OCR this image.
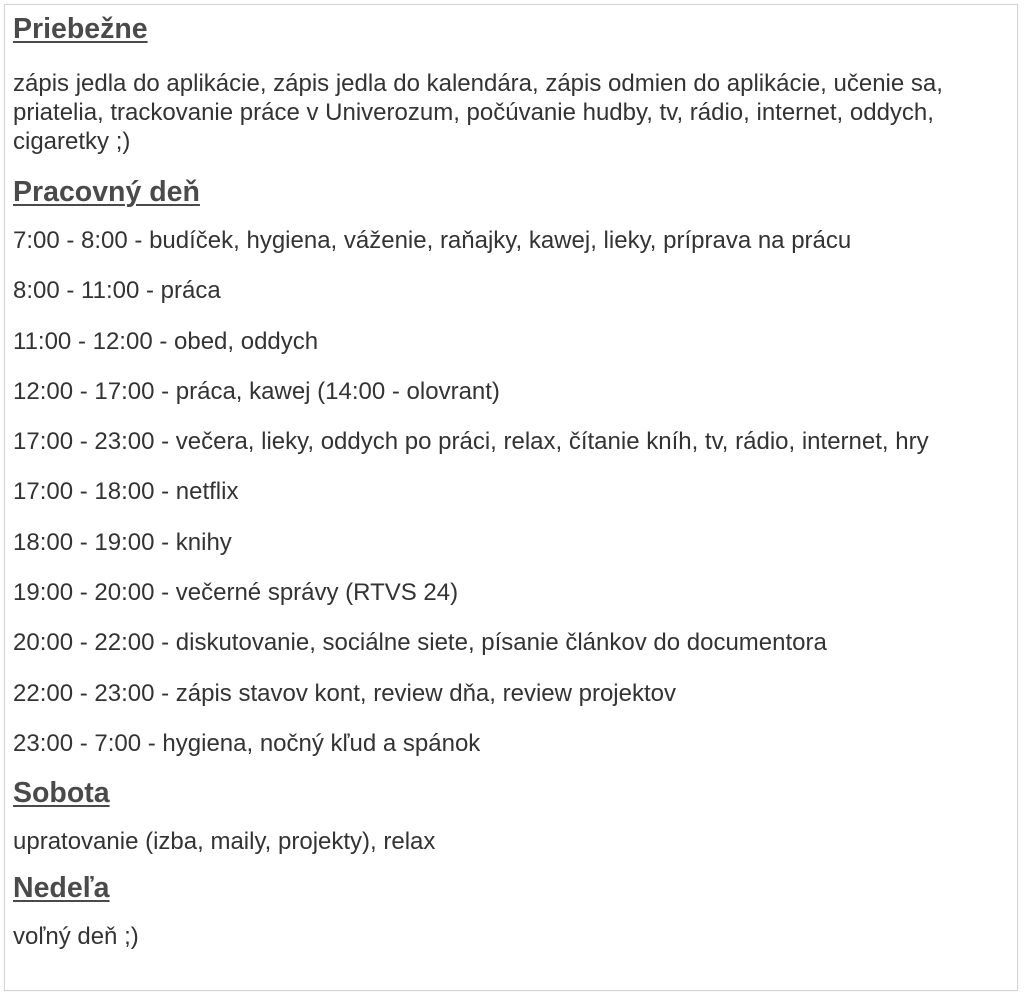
Priebežne

zápis jedla do aplikácie, zápis jedla do kalendára, zápis odmien do aplikácie, učenie sa, priatelia, trackovanie práce v Univerozum, počúvanie hudby, tv, rádio, internet, oddych, cigaretky ;)

Pracovný deň

7:00 - 8:00 - budíček, hygiena, váženie, raňajky, kawej, lieky, príprava na prácu

8:00 - 11:00 - práca

11:00 - 12:00 - obed, oddych

12:00 - 17:00 - práca, kawej (14:00 - olovrant)

17:00 - 23:00 - večera, lieky, oddych po práci, relax, čítanie kníh, tv, rádio, internet, hry

17:00 - 18:00 - netflix

18:00 - 19:00 - knihy

19:00 - 20:00 - večerné správy (RTVS 24)

20:00 - 22:00 - diskutovanie, sociálne siete, písanie článkov do documentora

22:00 - 23:00 - zápis stavov kont, review dňa, review projektov

23:00 - 7:00 - hygiena, nočný kľud a spánok

Sobota

upratovanie (izba, maily, projekty), relax

Nedeľa

voľný deň ;)
